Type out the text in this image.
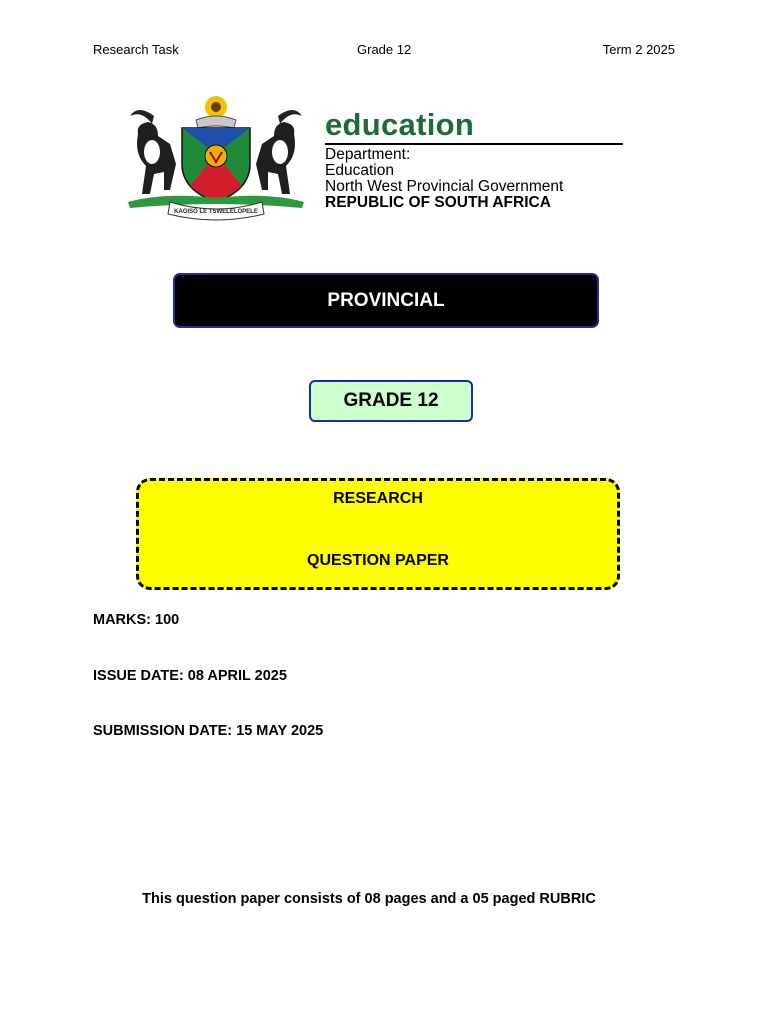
Research Task	Grade 12	Term 2 2025
KAGISO LE TSWELELOPELE
education
Department:
Education
North West Provincial Government
REPUBLIC OF SOUTH AFRICA
PROVINCIAL
GRADE 12
RESEARCH
QUESTION PAPER
MARKS: 100
ISSUE DATE: 08 APRIL 2025
SUBMISSION DATE: 15 MAY 2025
This question paper consists of 08 pages and a 05 paged RUBRIC
